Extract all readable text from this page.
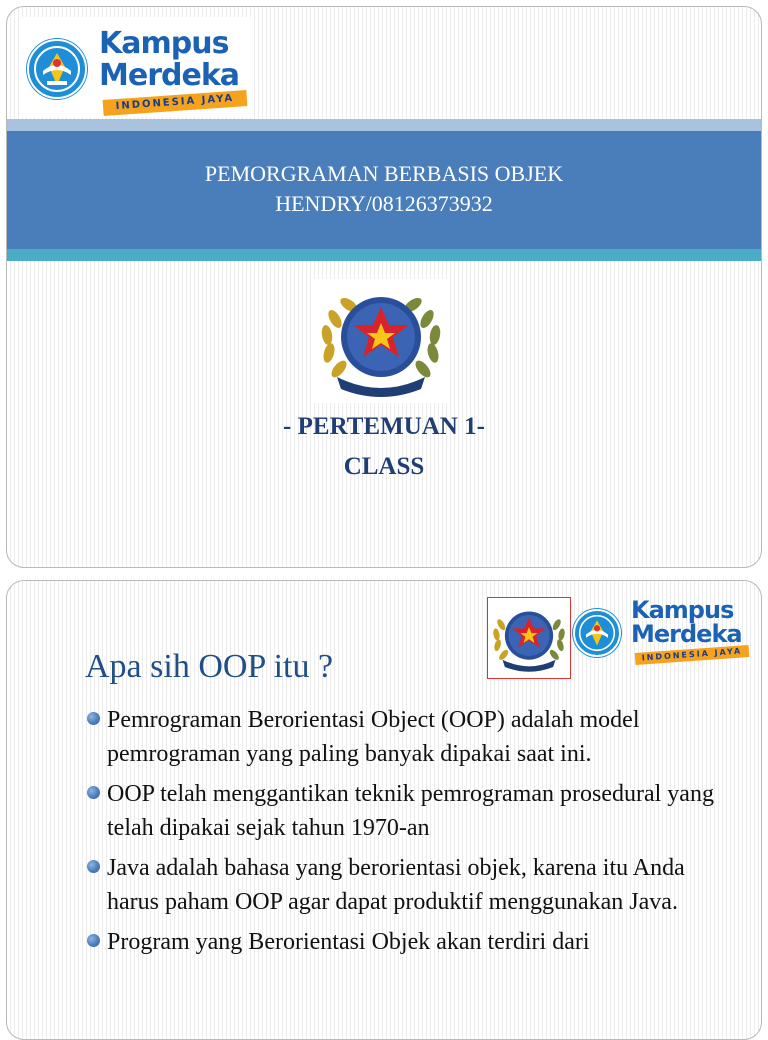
Kampus
Merdeka
INDONESIA JAYA
PEMORGRAMAN BERBASIS OBJEK
HENDRY/08126373932
- PERTEMUAN 1-
CLASS
Kampus
Merdeka
INDONESIA JAYA
Apa sih OOP itu ?
Pemrograman Berorientasi Object (OOP) adalah model pemrograman yang paling banyak dipakai saat ini.
OOP telah menggantikan teknik pemrograman prosedural yang telah dipakai sejak tahun 1970-an
Java adalah bahasa yang berorientasi objek, karena itu Anda harus paham OOP agar dapat produktif menggunakan Java.
Program yang Berorientasi Objek akan terdiri dari
